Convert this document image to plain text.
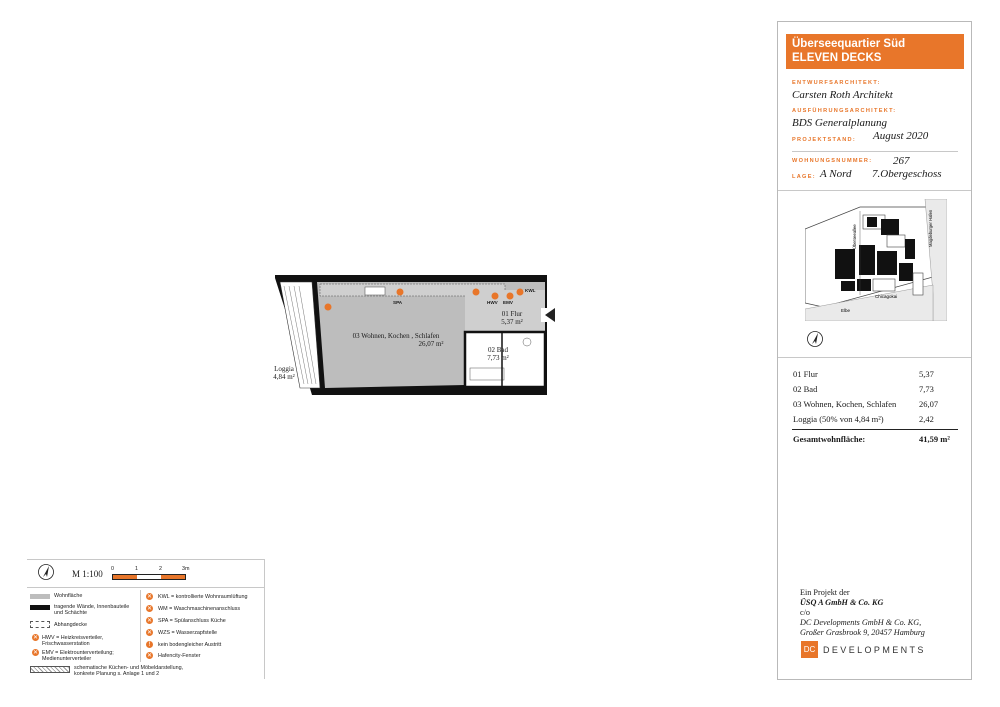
Überseequartier Süd
ELEVEN DECKS
ENTWURFSARCHITEKT:
Carsten Roth Architekt
AUSFÜHRUNGSARCHITEKT:
BDS Generalplanung
PROJEKTSTAND: August 2020
WOHNUNGSNUMMER: 267
LAGE: A Nord 7.Obergeschoss
Überseeallee	Magdeburger Hafen
Chicagokai
Elbe
01 Flur	5,37
02 Bad	7,73
03 Wohnen, Kochen, Schlafen	26,07
Loggia (50% von 4,84 m²)	2,42
Gesamtwohnfläche:	41,59 m²
Ein Projekt der
ÜSQ A GmbH & Co. KG
c/o
DC Developments GmbH & Co. KG,
Großer Grasbrook 9, 20457 Hamburg
DC DEVELOPMENTS
SPA	HWV EMV
KWL
03 Wohnen, Kochen , Schlafen
26,07 m²
01 Flur
5,37 m²
02 Bad
7,73 m²
Loggia
4,84 m²
M 1:100 0	1	2	3m
Wohnfläche
tragende Wände, Innenbauteile und Schächte
Abhangdecke
✕ HWV = Heizkreisverteiler, Frischwasserstation
✕ EMV = Elektrounterverteilung; Medienunterverteiler
schematische Küchen- und Möbeldarstellung, konkrete Planung s. Anlage 1 und 2
✕ KWL = kontrollierte Wohnraumlüftung
✕ WM = Waschmaschinenanschluss
✕ SPA = Spülanschluss Küche
✕ WZS = Wasserzapfstelle
!	kein bodengleicher Austritt
✕ Hafencity-Fenster
